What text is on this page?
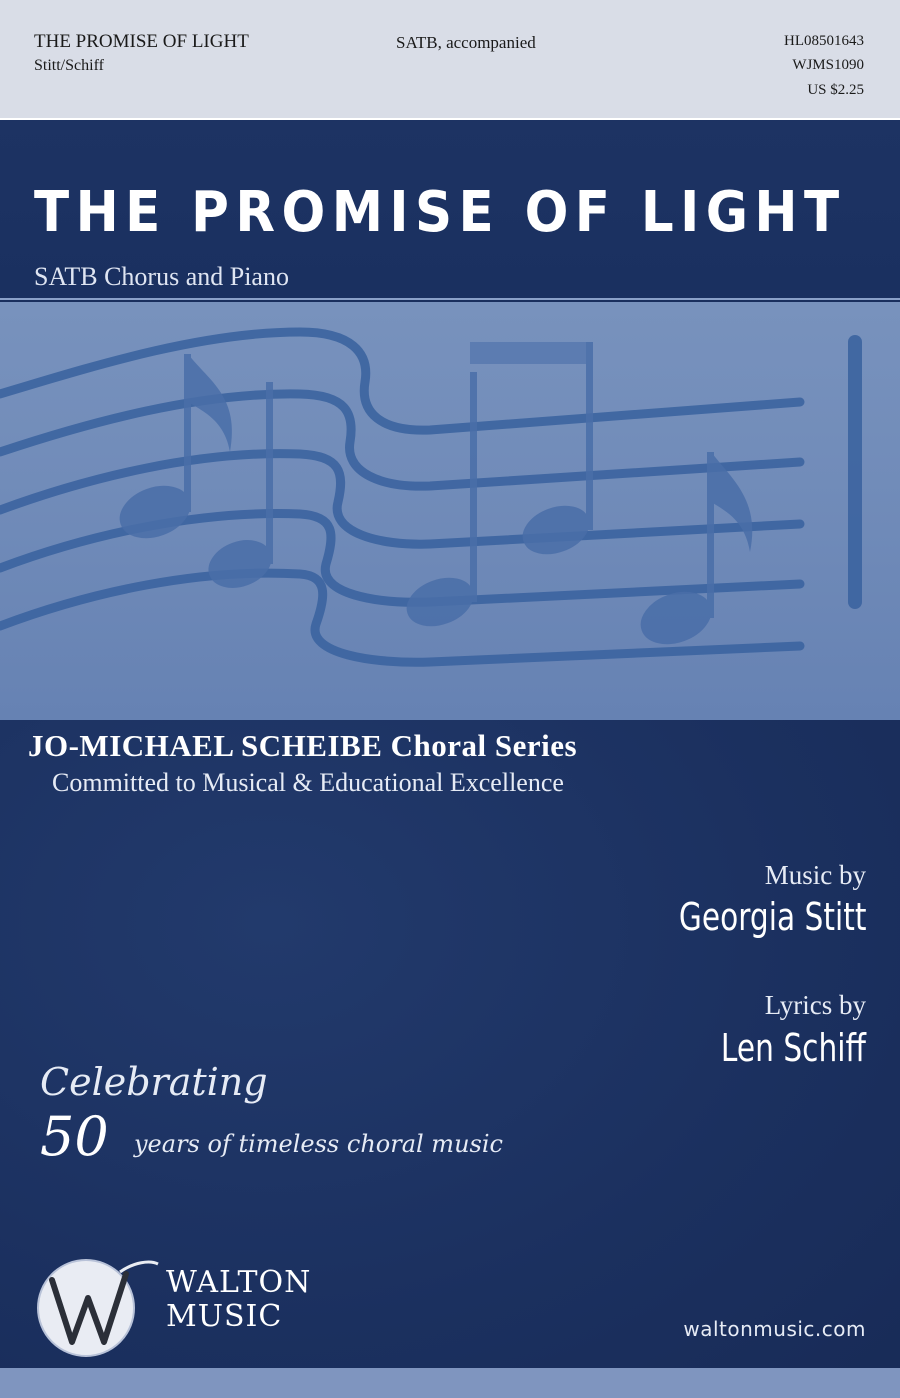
THE PROMISE OF LIGHT
Stitt/Schiff
SATB, accompanied	HL08501643
WJMS1090
US $2.25
THE PROMISE OF LIGHT
SATB Chorus and Piano
JO-MICHAEL SCHEIBE Choral Series
Committed to Musical & Educational Excellence
Music by
Georgia Stitt
Lyrics by
Len Schiff
Celebrating
50 years of timeless choral music
WALTON
MUSIC	waltonmusic.com
